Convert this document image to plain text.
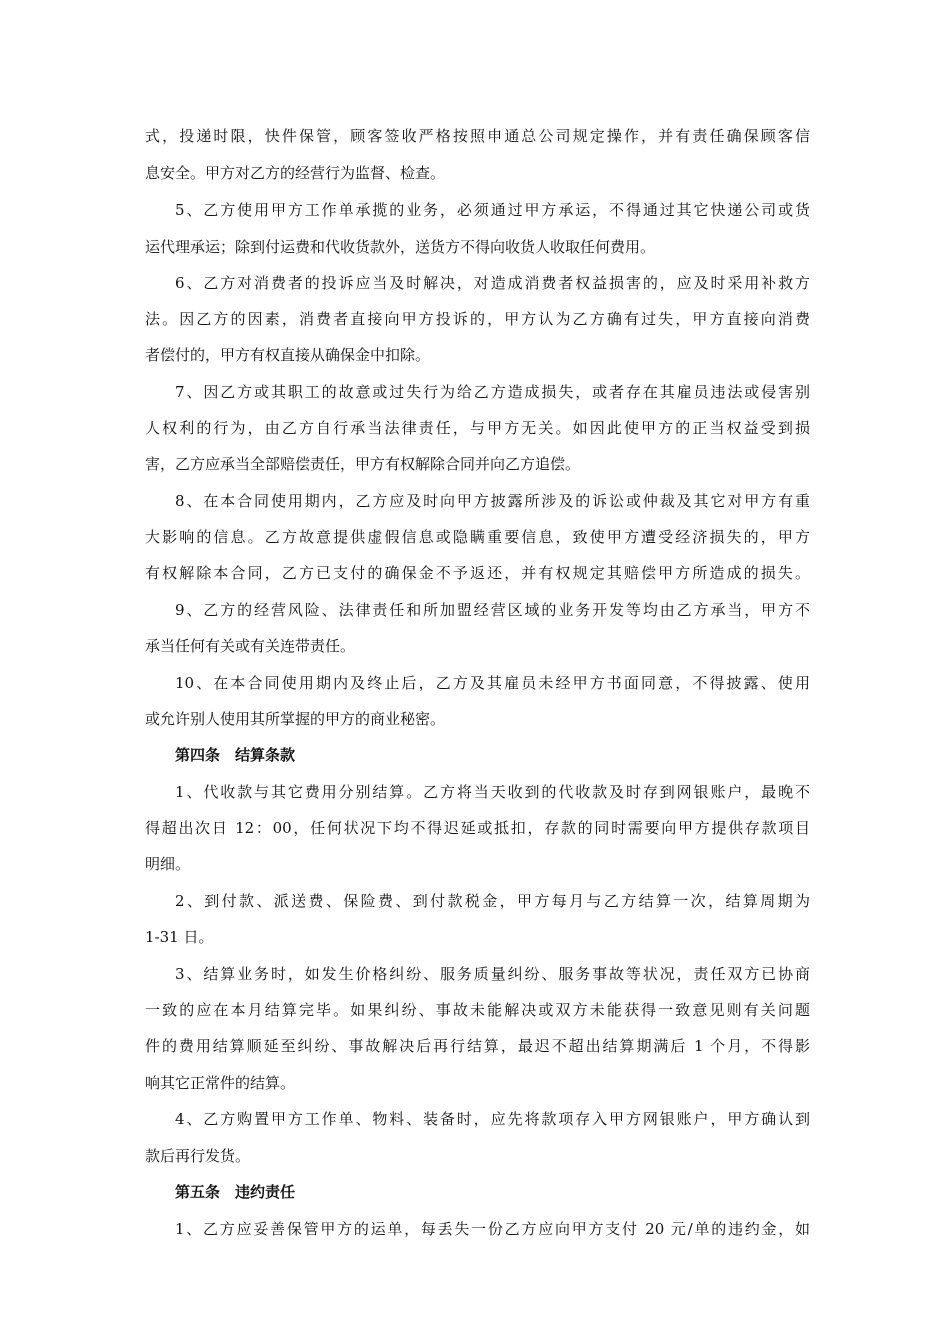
式，投递时限，快件保管，顾客签收严格按照申通总公司规定操作，并有责任确保顾客信
息安全。甲方对乙方的经营行为监督、检查。
5、乙方使用甲方工作单承揽的业务，必须通过甲方承运，不得通过其它快递公司或货
运代理承运；除到付运费和代收货款外，送货方不得向收货人收取任何费用。
6、乙方对消费者的投诉应当及时解决，对造成消费者权益损害的，应及时采用补救方
法。因乙方的因素，消费者直接向甲方投诉的，甲方认为乙方确有过失，甲方直接向消费
者偿付的，甲方有权直接从确保金中扣除。
7、因乙方或其职工的故意或过失行为给乙方造成损失，或者存在其雇员违法或侵害别
人权利的行为，由乙方自行承当法律责任，与甲方无关。如因此使甲方的正当权益受到损
害，乙方应承当全部赔偿责任，甲方有权解除合同并向乙方追偿。
8、在本合同使用期内，乙方应及时向甲方披露所涉及的诉讼或仲裁及其它对甲方有重
大影响的信息。乙方故意提供虚假信息或隐瞒重要信息，致使甲方遭受经济损失的，甲方
有权解除本合同，乙方已支付的确保金不予返还，并有权规定其赔偿甲方所造成的损失。
9、乙方的经营风险、法律责任和所加盟经营区域的业务开发等均由乙方承当，甲方不
承当任何有关或有关连带责任。
10、在本合同使用期内及终止后，乙方及其雇员未经甲方书面同意，不得披露、使用
或允许别人使用其所掌握的甲方的商业秘密。
第四条　结算条款
1、代收款与其它费用分别结算。乙方将当天收到的代收款及时存到网银账户，最晚不
得超出次日 12：00，任何状况下均不得迟延或抵扣，存款的同时需要向甲方提供存款项目
明细。
2、到付款、派送费、保险费、到付款税金，甲方每月与乙方结算一次，结算周期为
1-31 日。
3、结算业务时，如发生价格纠纷、服务质量纠纷、服务事故等状况，责任双方已协商
一致的应在本月结算完毕。如果纠纷、事故未能解决或双方未能获得一致意见则有关问题
件的费用结算顺延至纠纷、事故解决后再行结算，最迟不超出结算期满后 1 个月，不得影
响其它正常件的结算。
4、乙方购置甲方工作单、物料、装备时，应先将款项存入甲方网银账户，甲方确认到
款后再行发货。
第五条　违约责任
1、乙方应妥善保管甲方的运单，每丢失一份乙方应向甲方支付 20 元/单的违约金，如
